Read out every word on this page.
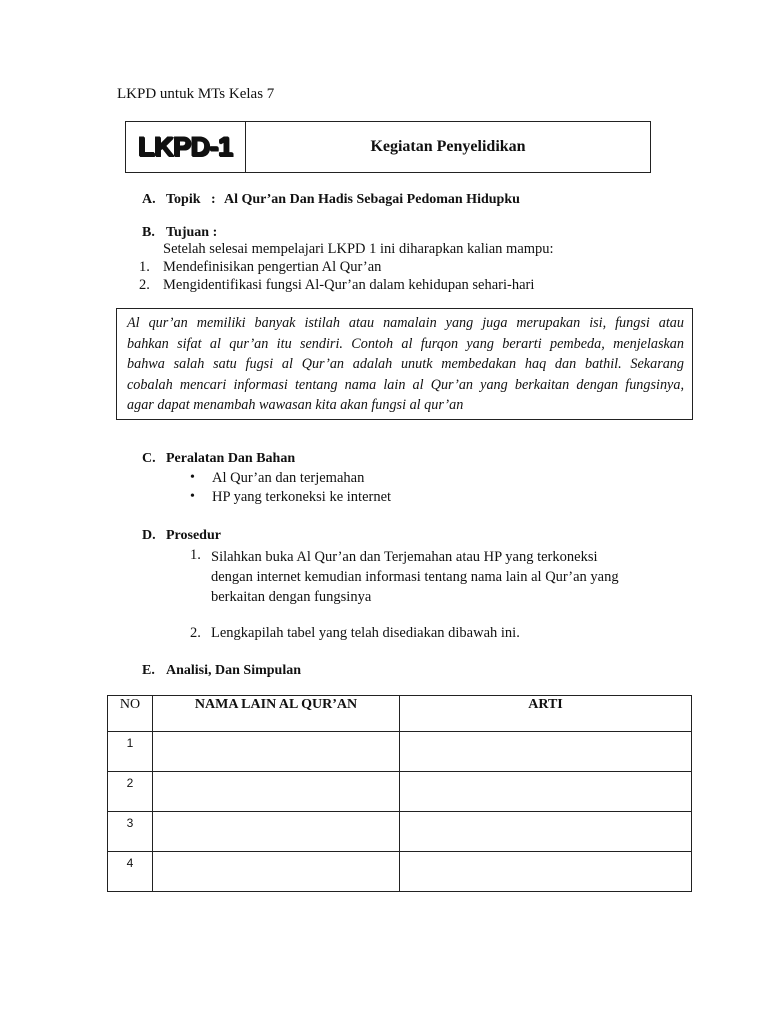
LKPD untuk MTs Kelas 7
LKPD-1	Kegiatan Penyelidikan
A. Topik : Al Qur’an Dan Hadis Sebagai Pedoman Hidupku
B. Tujuan :
Setelah selesai mempelajari LKPD 1 ini diharapkan kalian mampu:
1. Mendefinisikan pengertian Al Qur’an
2. Mengidentifikasi fungsi Al-Qur’an dalam kehidupan sehari-hari
Al qur’an memiliki banyak istilah atau namalain yang juga merupakan isi, fungsi atau
bahkan sifat al qur’an itu sendiri. Contoh al furqon yang berarti pembeda, menjelaskan
bahwa salah satu fugsi al Qur’an adalah unutk membedakan haq dan bathil. Sekarang
cobalah mencari informasi tentang nama lain al Qur’an yang berkaitan dengan fungsinya,
agar dapat menambah wawasan kita akan fungsi al qur’an
C. Peralatan Dan Bahan
• Al Qur’an dan terjemahan
• HP yang terkoneksi ke internet
D. Prosedur
1. Silahkan buka Al Qur’an dan Terjemahan atau HP yang terkoneksi
dengan internet kemudian informasi tentang nama lain al Qur’an yang
berkaitan dengan fungsinya
2. Lengkapilah tabel yang telah disediakan dibawah ini.
E. Analisi, Dan Simpulan
NO	NAMA LAIN AL QUR’AN	ARTI
1		
2		
3		
4		
